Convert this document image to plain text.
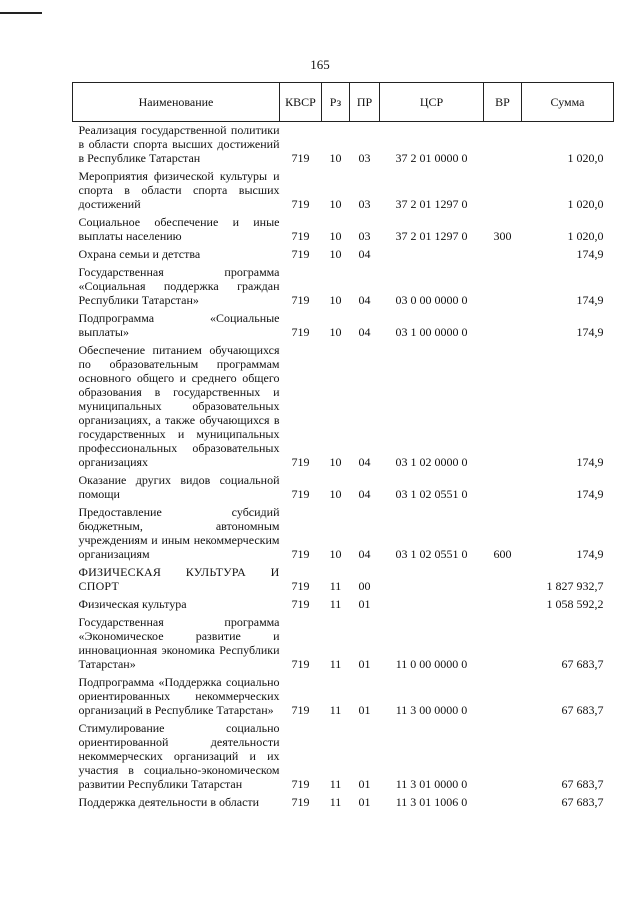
165
Наименование	КВСР	Рз	ПР	ЦСР	ВР	Сумма
Реализация государственной политики в области спорта высших достижений в Республике Татарстан	719	10	03	37 2 01 0000 0		1 020,0
Мероприятия физической культуры и спорта в области спорта высших достижений	719	10	03	37 2 01 1297 0		1 020,0
Социальное обеспечение и иные выплаты населению	719	10	03	37 2 01 1297 0	300	1 020,0
Охрана семьи и детства	719	10	04			174,9
Государственная программа «Социальная поддержка граждан Республики Татарстан»	719	10	04	03 0 00 0000 0		174,9
Подпрограмма «Социальные выплаты»	719	10	04	03 1 00 0000 0		174,9
Обеспечение питанием обучающихся по образовательным программам основного общего и среднего общего образования в государственных и муниципальных образовательных организациях, а также обучающихся в государственных и муниципальных профессиональных образовательных организациях	719	10	04	03 1 02 0000 0		174,9
Оказание других видов социальной помощи	719	10	04	03 1 02 0551 0		174,9
Предоставление субсидий бюджетным, автономным учреждениям и иным некоммерческим организациям	719	10	04	03 1 02 0551 0	600	174,9
ФИЗИЧЕСКАЯ КУЛЬТУРА И СПОРТ	719	11	00			1 827 932,7
Физическая культура	719	11	01			1 058 592,2
Государственная программа «Экономическое развитие и инновационная экономика Республики Татарстан»	719	11	01	11 0 00 0000 0		67 683,7
Подпрограмма «Поддержка социально ориентированных некоммерческих организаций в Республике Татарстан»	719	11	01	11 3 00 0000 0		67 683,7
Стимулирование социально ориентированной деятельности некоммерческих организаций и их участия в социально-экономическом развитии Республики Татарстан	719	11	01	11 3 01 0000 0		67 683,7
Поддержка деятельности в области	719	11	01	11 3 01 1006 0		67 683,7
